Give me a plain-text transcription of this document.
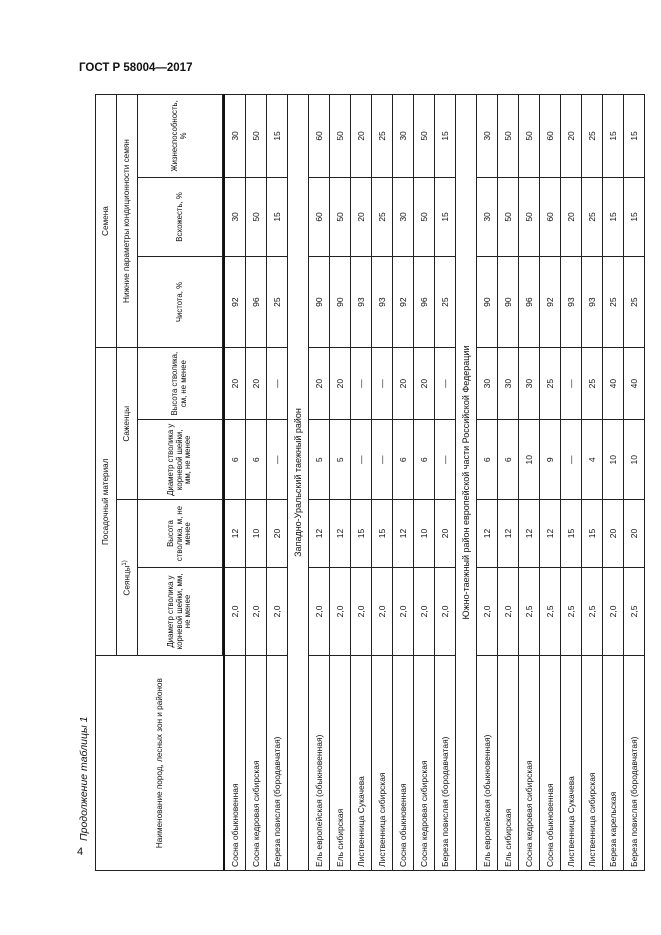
ГОСТ Р 58004—2017
4
Продолжение таблицы 1	Наименование пород, лесных зон и районов	Посадочный материал				Семена		
	Сеянцы$^{1)}$		Саженцы		Нижние параметры кондиционности семян		
	Диаметр стволика у корневой шейки, мм, не менее	Высота стволика, м, не менее	Диаметр стволика у корневой шейки, мм, не менее	Высота стволика, см, не менее	Чистота, %	Всхожесть, %	Жизнеспособность, %

Сосна обыкновенная	2,0	12	6	20	92	30	30
Сосна кедровая сибирская	2,0	10	6	20	96	50	50
Береза повислая (бородавчатая)	2,0	20	—	—	25	15	15
Западно-Уральский таежный район							
Ель европейская (обыкновенная)	2,0	12	5	20	90	60	60
Ель сибирская	2,0	12	5	20	90	50	50
Лиственница Сукачева	2,0	15	—	—	93	20	20
Лиственница сибирская	2,0	15	—	—	93	25	25
Сосна обыкновенная	2,0	12	6	20	92	30	30
Сосна кедровая сибирская	2,0	10	6	20	96	50	50
Береза повислая (бородавчатая)	2,0	20	—	—	25	15	15
Южно-таежный район европейской части Российской Федерации							
Ель европейская (обыкновенная)	2,0	12	6	30	90	30	30
Ель сибирская	2,0	12	6	30	90	50	50
Сосна кедровая сибирская	2,5	12	10	30	96	50	50
Сосна обыкновенная	2,5	12	9	25	92	60	60
Лиственница Сукачева	2,5	15	—	—	93	20	20
Лиственница сибирская	2,5	15	4	25	93	25	25
Береза карельская	2,0	20	10	40	25	15	15
Береза повислая (бородавчатая)	2,5	20	10	40	25	15	15
